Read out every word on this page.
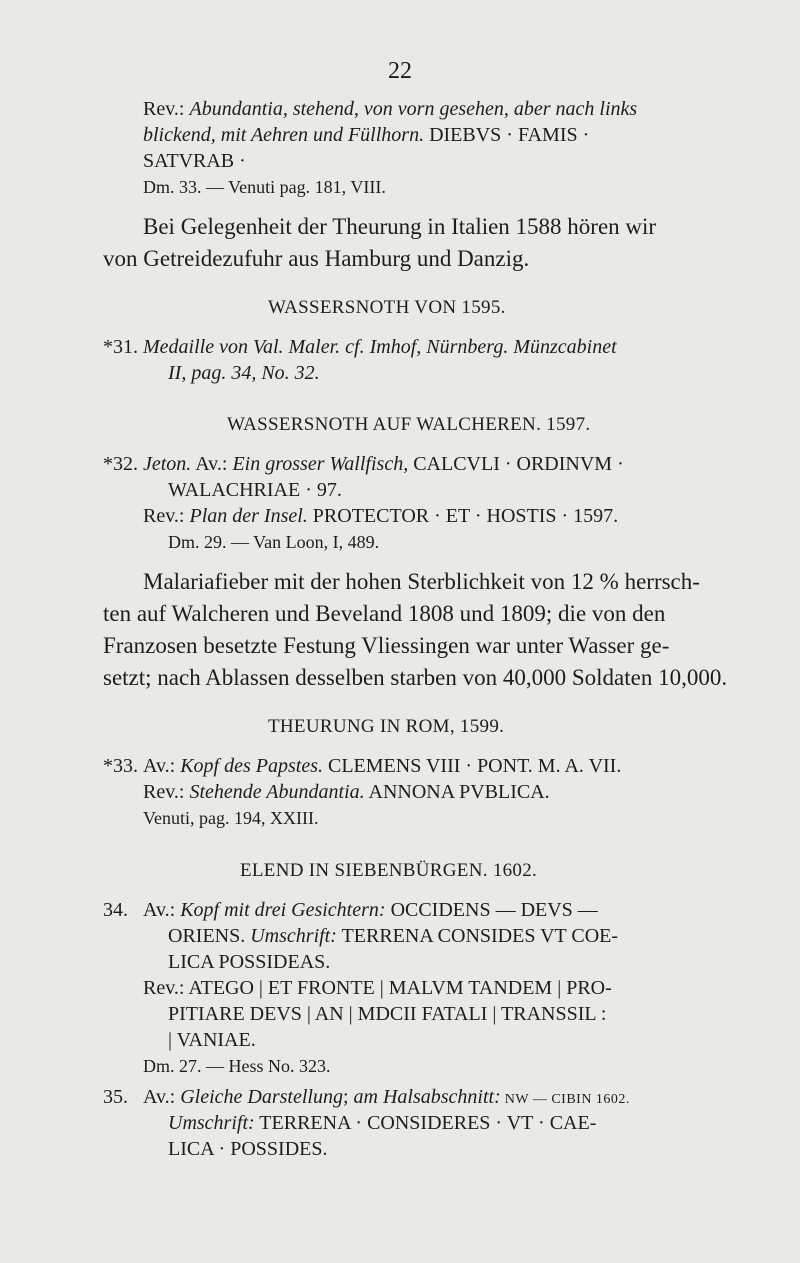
22
Rev.: Abundantia, stehend, von vorn gesehen, aber nach links
blickend, mit Aehren und Füllhorn. DIEBVS · FAMIS ·
SATVRAB ·
Dm. 33. — Venuti pag. 181, VIII.
Bei Gelegenheit der Theurung in Italien 1588 hören wir
von Getreidezufuhr aus Hamburg und Danzig.
WASSERSNOTH VON 1595.
*31. Medaille von Val. Maler. cf. Imhof, Nürnberg. Münzcabinet
II, pag. 34, No. 32.
WASSERSNOTH AUF WALCHEREN. 1597.
*32. Jeton. Av.: Ein grosser Wallfisch, CALCVLI · ORDINVM ·
WALACHRIAE · 97.
Rev.: Plan der Insel. PROTECTOR · ET · HOSTIS · 1597.
Dm. 29. — Van Loon, I, 489.
Malariafieber mit der hohen Sterblichkeit von 12 % herrsch-
ten auf Walcheren und Beveland 1808 und 1809; die von den
Franzosen besetzte Festung Vliessingen war unter Wasser ge-
setzt; nach Ablassen desselben starben von 40,000 Soldaten 10,000.
THEURUNG IN ROM, 1599.
*33. Av.: Kopf des Papstes. CLEMENS VIII · PONT. M. A. VII.
Rev.: Stehende Abundantia. ANNONA PVBLICA.
Venuti, pag. 194, XXIII.
ELEND IN SIEBENBÜRGEN. 1602.
34. Av.: Kopf mit drei Gesichtern: OCCIDENS — DEVS —
ORIENS. Umschrift: TERRENA CONSIDES VT COE-
LICA POSSIDEAS.
Rev.: ATEGO | ET FRONTE | MALVM TANDEM | PRO-
PITIARE DEVS | AN | MDCII FATALI | TRANSSIL :
| VANIAE.
Dm. 27. — Hess No. 323.
35. Av.: Gleiche Darstellung; am Halsabschnitt: NW — CIBIN 1602.
Umschrift: TERRENA · CONSIDERES · VT · CAE-
LICA · POSSIDES.
